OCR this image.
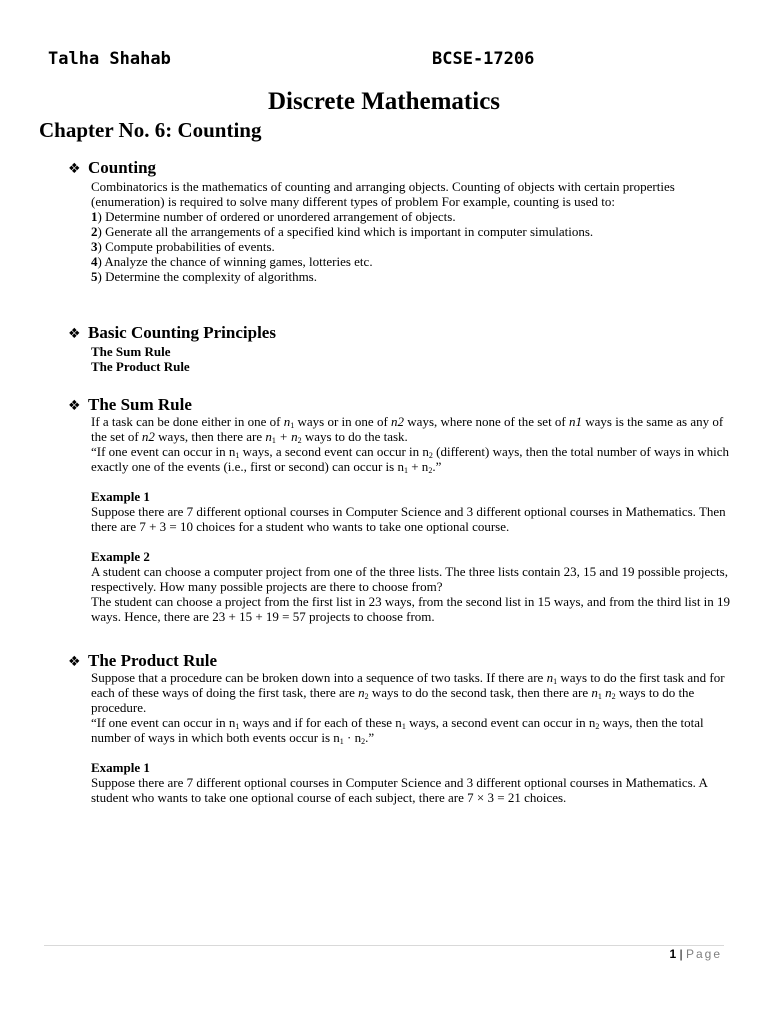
Talha Shahab	BCSE-17206
Discrete Mathematics
Chapter No. 6: Counting
❖ Counting

Combinatorics is the mathematics of counting and arranging objects. Counting of objects with certain properties (enumeration) is required to solve many different types of problem For example, counting is used to:

1) Determine number of ordered or unordered arrangement of objects.

2) Generate all the arrangements of a specified kind which is important in computer simulations.

3) Compute probabilities of events.

4) Analyze the chance of winning games, lotteries etc.

5) Determine the complexity of algorithms.

❖ Basic Counting Principles

The Sum Rule

The Product Rule

❖ The Sum Rule

If a task can be done either in one of $n_1$ ways or in one of n2 ways, where none of the set of n1 ways is the same as any of the set of n2 ways, then there are $n_1 + n_2$ ways to do the task.

“If one event can occur in $n_1$ ways, a second event can occur in $n_2$ (different) ways, then the total number of ways in which exactly one of the events (i.e., first or second) can occur is $n_1 + n_2$.”

Example 1

Suppose there are 7 different optional courses in Computer Science and 3 different optional courses in Mathematics. Then there are 7 + 3 = 10 choices for a student who wants to take one optional course.

Example 2

A student can choose a computer project from one of the three lists. The three lists contain 23, 15 and 19 possible projects, respectively. How many possible projects are there to choose from?

The student can choose a project from the first list in 23 ways, from the second list in 15 ways, and from the third list in 19 ways. Hence, there are 23 + 15 + 19 = 57 projects to choose from.

❖ The Product Rule

Suppose that a procedure can be broken down into a sequence of two tasks. If there are $n_1$ ways to do the first task and for each of these ways of doing the first task, there are $n_2$ ways to do the second task, then there are $n_1$ $n_2$ ways to do the procedure.

“If one event can occur in $n_1$ ways and if for each of these $n_1$ ways, a second event can occur in $n_2$ ways, then the total number of ways in which both events occur is $n_1 \cdot n_2$.”

Example 1

Suppose there are 7 different optional courses in Computer Science and 3 different optional courses in Mathematics. A student who wants to take one optional course of each subject, there are 7 × 3 = 21 choices.

1 | Page
